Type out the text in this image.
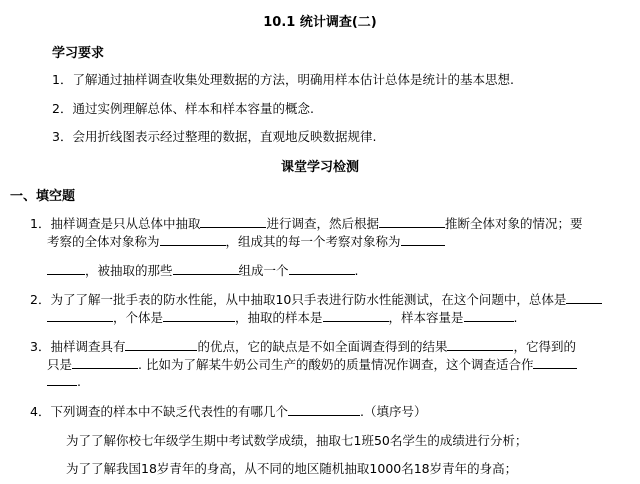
10.1 统计调查(二)
学习要求
1．了解通过抽样调查收集处理数据的方法，明确用样本估计总体是统计的基本思想.
2．通过实例理解总体、样本和样本容量的概念.
3．会用折线图表示经过整理的数据，直观地反映数据规律.
课堂学习检测
一、填空题
1．抽样调查是只从总体中抽取	进行调查，然后根据	推断全体对象的情况；要
考察的全体对象称为	，组成其的每一个考察对象称为
，被抽取的那些	组成一个	.
2．为了了解一批手表的防水性能，从中抽取10只手表进行防水性能测试，在这个问题中，总体是
，个体是	，抽取的样本是	，样本容量是	.
3．抽样调查具有	的优点，它的缺点是不如全面调查得到的结果	，它得到的
只是	. 比如为了解某牛奶公司生产的酸奶的质量情况作调查，这个调查适合作
.
4．下列调查的样本中不缺乏代表性的有哪几个	.（填序号）
为了了解你校七年级学生期中考试数学成绩，抽取七1班50名学生的成绩进行分析；
为了了解我国18岁青年的身高，从不同的地区随机抽取1000名18岁青年的身高；
